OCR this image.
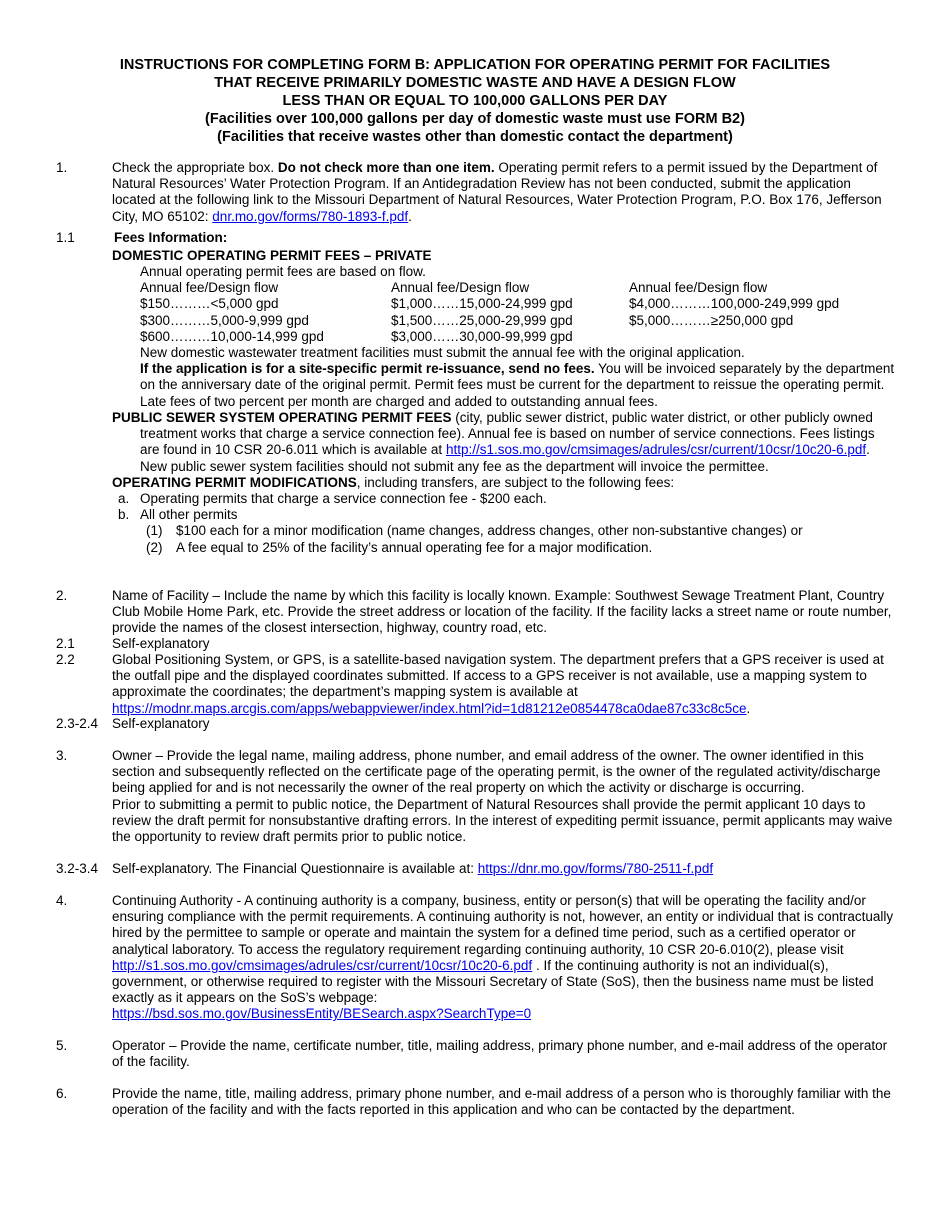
INSTRUCTIONS FOR COMPLETING FORM B: APPLICATION FOR OPERATING PERMIT FOR FACILITIES
THAT RECEIVE PRIMARILY DOMESTIC WASTE AND HAVE A DESIGN FLOW
LESS THAN OR EQUAL TO 100,000 GALLONS PER DAY
(Facilities over 100,000 gallons per day of domestic waste must use FORM B2)
(Facilities that receive wastes other than domestic contact the department)
1.	Check the appropriate box. Do not check more than one item. Operating permit refers to a permit issued by the Department of Natural Resources’ Water Protection Program. If an Antidegradation Review has not been conducted, submit the application located at the following link to the Missouri Department of Natural Resources, Water Protection Program, P.O. Box 176, Jefferson City, MO 65102: dnr.mo.gov/forms/780-1893-f.pdf.

1.1	Fees Information:
DOMESTIC OPERATING PERMIT FEES – PRIVATE
Annual operating permit fees are based on flow.
Annual fee/Design flow	Annual fee/Design flow	Annual fee/Design flow
$150………<5,000 gpd	$1,000……15,000-24,999 gpd	$4,000………100,000-249,999 gpd
$300………5,000-9,999 gpd	$1,500……25,000-29,999 gpd	$5,000………≥250,000 gpd
$600………10,000-14,999 gpd	$3,000……30,000-99,999 gpd
New domestic wastewater treatment facilities must submit the annual fee with the original application.

If the application is for a site-specific permit re-issuance, send no fees. You will be invoiced separately by the department on the anniversary date of the original permit. Permit fees must be current for the department to reissue the operating permit. Late fees of two percent per month are charged and added to outstanding annual fees.

PUBLIC SEWER SYSTEM OPERATING PERMIT FEES (city, public sewer district, public water district, or other publicly owned treatment works that charge a service connection fee). Annual fee is based on number of service connections. Fees listings are found in 10 CSR 20-6.011 which is available at http://s1.sos.mo.gov/cmsimages/adrules/csr/current/10csr/10c20-6.pdf. New public sewer system facilities should not submit any fee as the department will invoice the permittee.

OPERATING PERMIT MODIFICATIONS, including transfers, are subject to the following fees:

a. Operating permits that charge a service connection fee - $200 each.
b. All other permits
(1) $100 each for a minor modification (name changes, address changes, other non-substantive changes) or
(2) A fee equal to 25% of the facility’s annual operating fee for a major modification.
2.	Name of Facility – Include the name by which this facility is locally known. Example: Southwest Sewage Treatment Plant, Country Club Mobile Home Park, etc. Provide the street address or location of the facility. If the facility lacks a street name or route number, provide the names of the closest intersection, highway, country road, etc.

2.1	Self-explanatory

2.2	Global Positioning System, or GPS, is a satellite-based navigation system. The department prefers that a GPS receiver is used at the outfall pipe and the displayed coordinates submitted. If access to a GPS receiver is not available, use a mapping system to approximate the coordinates; the department’s mapping system is available at https://modnr.maps.arcgis.com/apps/webappviewer/index.html?id=1d81212e0854478ca0dae87c33c8c5ce.

2.3-2.4	Self-explanatory

3.	Owner – Provide the legal name, mailing address, phone number, and email address of the owner. The owner identified in this section and subsequently reflected on the certificate page of the operating permit, is the owner of the regulated activity/discharge being applied for and is not necessarily the owner of the real property on which the activity or discharge is occurring.

Prior to submitting a permit to public notice, the Department of Natural Resources shall provide the permit applicant 10 days to review the draft permit for nonsubstantive drafting errors. In the interest of expediting permit issuance, permit applicants may waive the opportunity to review draft permits prior to public notice.

3.2-3.4	Self-explanatory. The Financial Questionnaire is available at: https://dnr.mo.gov/forms/780-2511-f.pdf

4.	Continuing Authority - A continuing authority is a company, business, entity or person(s) that will be operating the facility and/or ensuring compliance with the permit requirements. A continuing authority is not, however, an entity or individual that is contractually hired by the permittee to sample or operate and maintain the system for a defined time period, such as a certified operator or analytical laboratory. To access the regulatory requirement regarding continuing authority, 10 CSR 20-6.010(2), please visit http://s1.sos.mo.gov/cmsimages/adrules/csr/current/10csr/10c20-6.pdf . If the continuing authority is not an individual(s), government, or otherwise required to register with the Missouri Secretary of State (SoS), then the business name must be listed exactly as it appears on the SoS’s webpage:
https://bsd.sos.mo.gov/BusinessEntity/BESearch.aspx?SearchType=0

5.	Operator – Provide the name, certificate number, title, mailing address, primary phone number, and e-mail address of the operator of the facility.

6.	Provide the name, title, mailing address, primary phone number, and e-mail address of a person who is thoroughly familiar with the operation of the facility and with the facts reported in this application and who can be contacted by the department.
